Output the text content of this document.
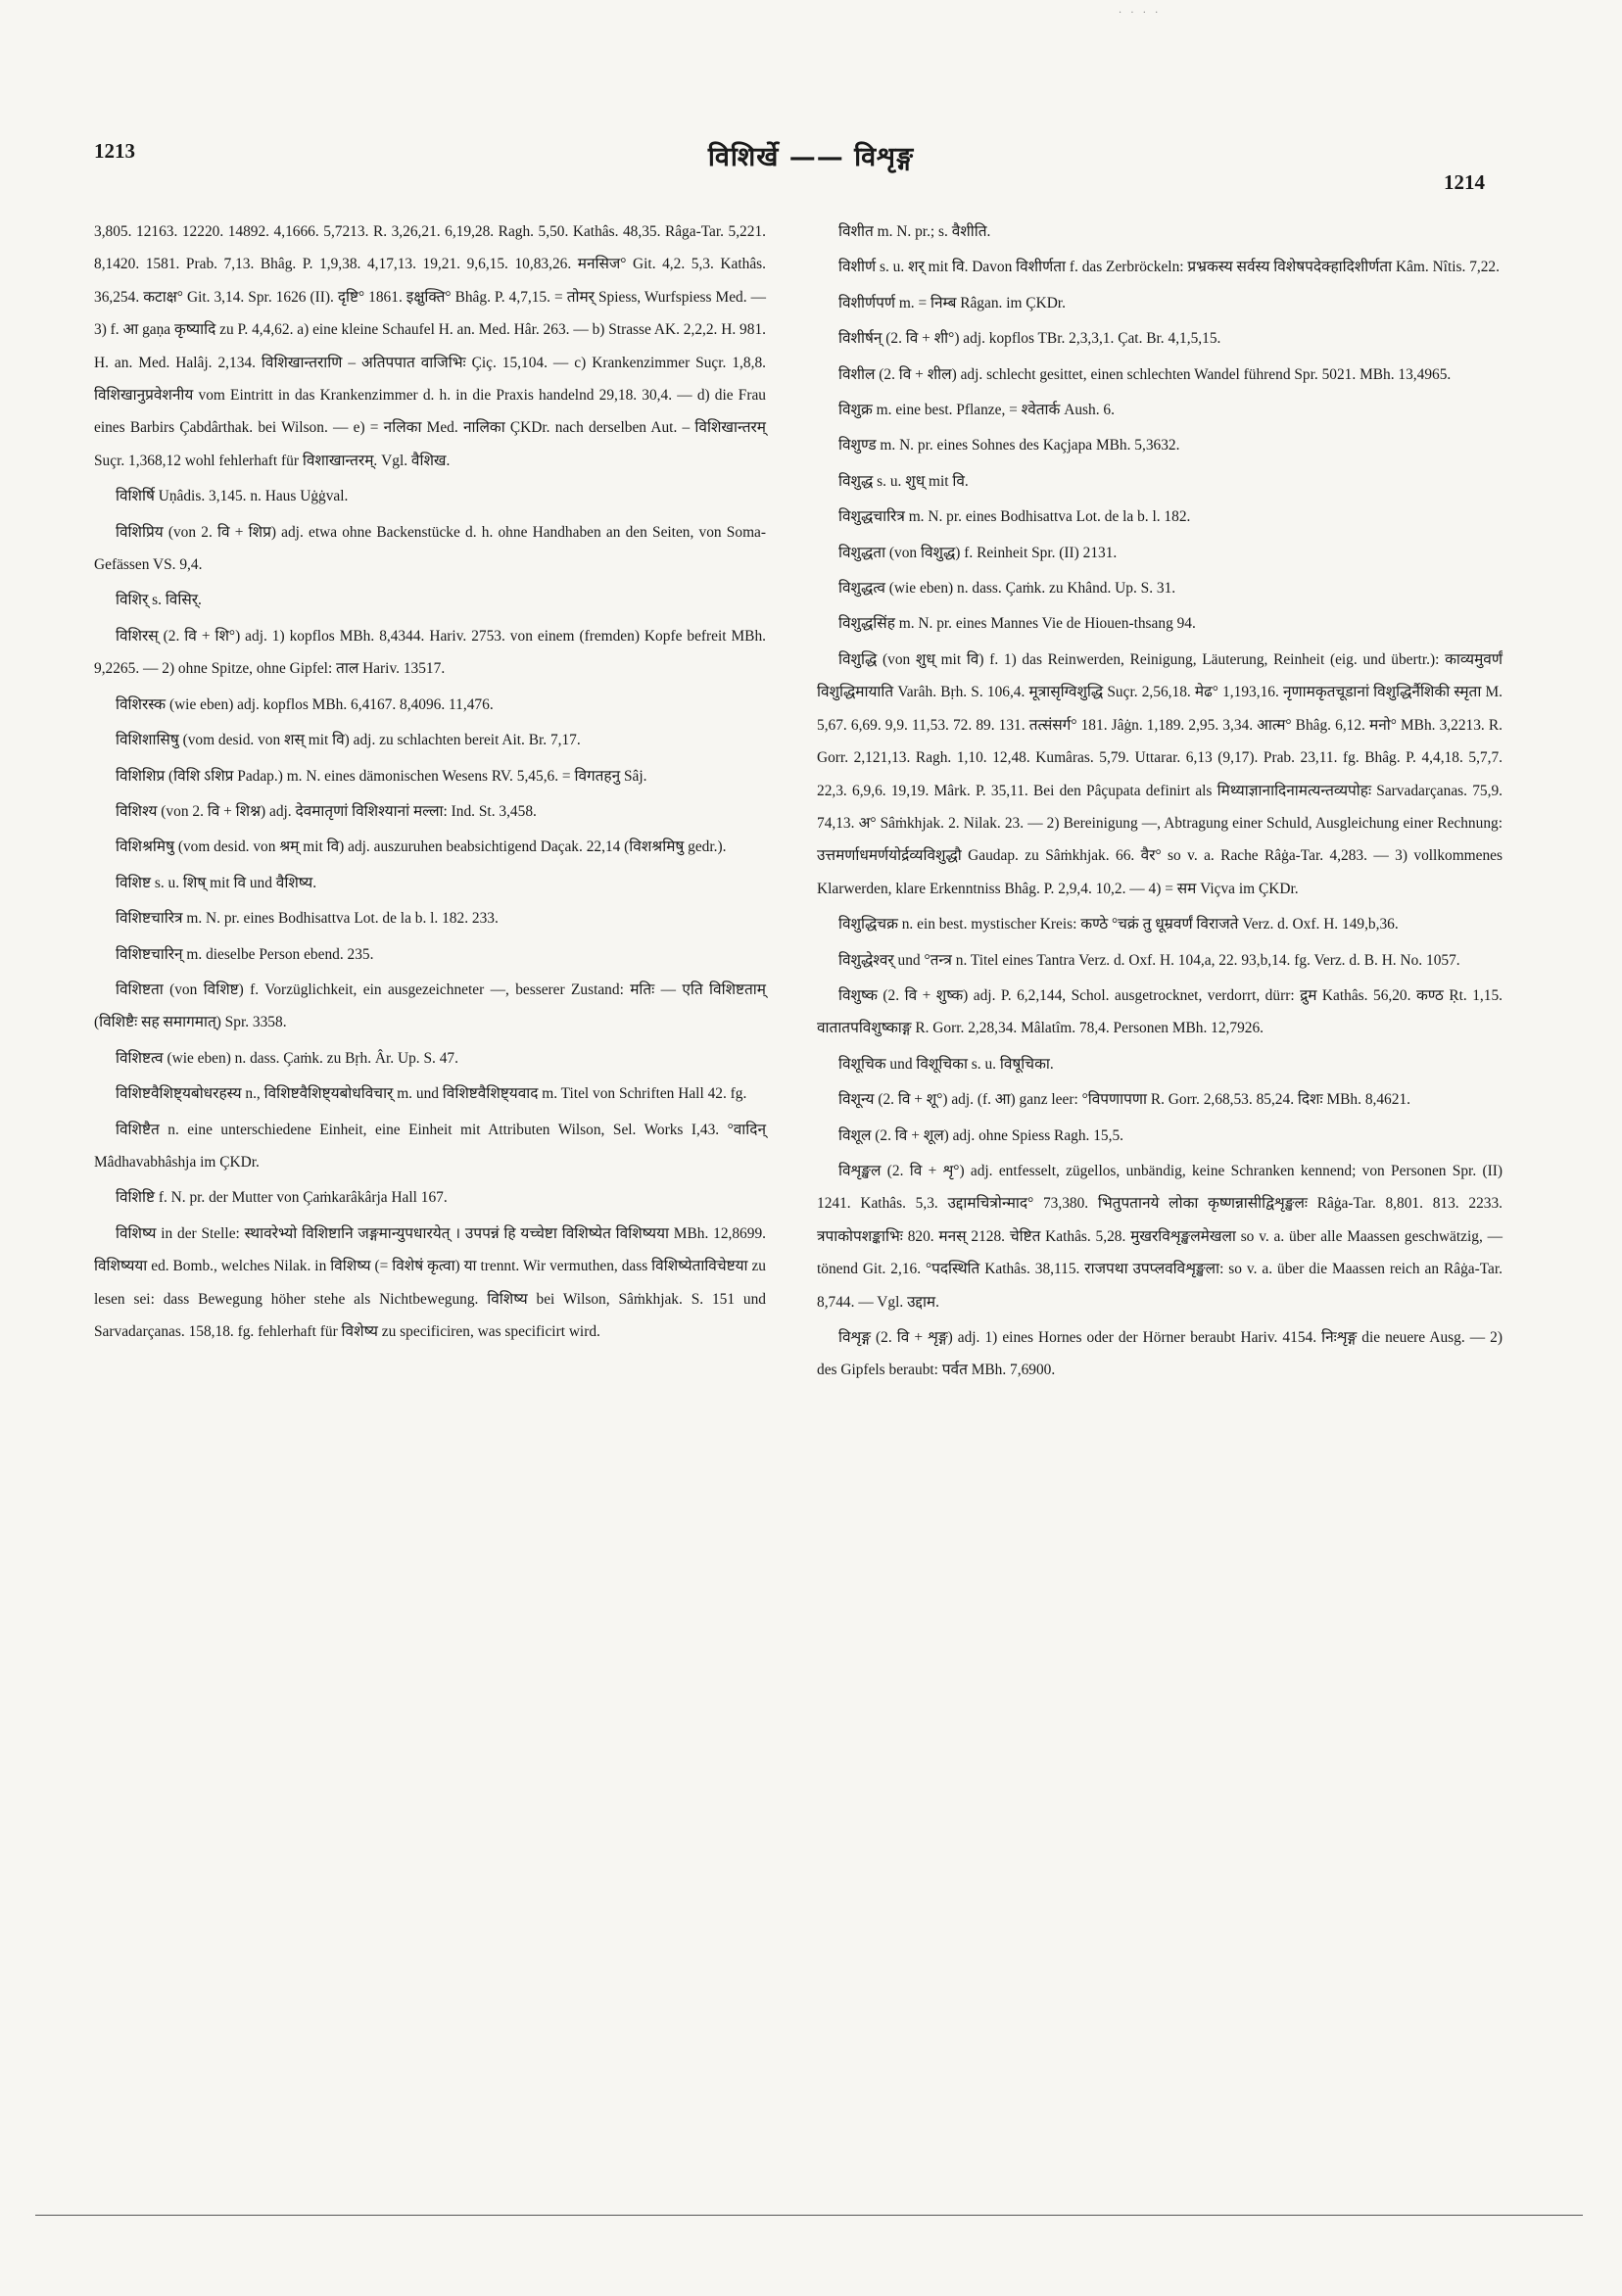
· · · ·
1213	विशिर्खे —— विशृङ्ग
1214

3,805. 12163. 12220. 14892. 4,1666. 5,7213. R. 3,26,21. 6,19,28. Ragh. 5,50. Kathâs. 48,35. Râga-Tar. 5,221. 8,1420. 1581. Prab. 7,13. Bhâg. P. 1,9,38. 4,17,13. 19,21. 9,6,15. 10,83,26. मनसिज° Git. 4,2. 5,3. Kathâs. 36,254. कटाक्ष° Git. 3,14. Spr. 1626 (II). दृष्टि° 1861. इक्षुक्ति° Bhâg. P. 4,7,15. = तोमर् Spiess, Wurfspiess Med. — 3) f. आ gaṇa कृष्यादि zu P. 4,4,62. a) eine kleine Schaufel H. an. Med. Hâr. 263. — b) Strasse AK. 2,2,2. H. 981. H. an. Med. Halâj. 2,134. विशिखान्तराणि – अतिपपात वाजिभिः Çiç. 15,104. — c) Krankenzimmer Suçr. 1,8,8. विशिखानुप्रवेशनीय vom Eintritt in das Krankenzimmer d. h. in die Praxis handelnd 29,18. 30,4. — d) die Frau eines Barbirs Çabdârthak. bei Wilson. — e) = नलिका Med. नालिका ÇKDr. nach derselben Aut. – विशिखान्तरम् Suçr. 1,368,12 wohl fehlerhaft für विशाखान्तरम्. Vgl. वैशिख.

विशिर्षि Uṇâdis. 3,145. n. Haus Uġġval.

विशिप्रिय (von 2. वि + शिप्र) adj. etwa ohne Backenstücke d. h. ohne Handhaben an den Seiten, von Soma-Gefässen VS. 9,4.

विशिर् s. विसिर्.

विशिरस् (2. वि + शि°) adj. 1) kopflos MBh. 8,4344. Hariv. 2753. von einem (fremden) Kopfe befreit MBh. 9,2265. — 2) ohne Spitze, ohne Gipfel: ताल Hariv. 13517.

विशिरस्क (wie eben) adj. kopflos MBh. 6,4167. 8,4096. 11,476.

विशिशासिषु (vom desid. von शस् mit वि) adj. zu schlachten bereit Ait. Br. 7,17.

विशिशिप्र (विशि ऽशिप्र Padap.) m. N. eines dämonischen Wesens RV. 5,45,6. = विगतहनु Sâj.

विशिश्य (von 2. वि + शिश्न) adj. देवमातृणां विशिश्यानां मल्ला: Ind. St. 3,458.

विशिश्रमिषु (vom desid. von श्रम् mit वि) adj. auszuruhen beabsichtigend Daçak. 22,14 (विशश्रमिषु gedr.).

विशिष्ट s. u. शिष् mit वि und वैशिष्य.

विशिष्टचारित्र m. N. pr. eines Bodhisattva Lot. de la b. l. 182. 233.

विशिष्टचारिन् m. dieselbe Person ebend. 235.

विशिष्टता (von विशिष्ट) f. Vorzüglichkeit, ein ausgezeichneter —, besserer Zustand: मतिः — एति विशिष्टताम् (विशिष्टैः सह समागमात्) Spr. 3358.

विशिष्टत्व (wie eben) n. dass. Çaṁk. zu Bṛh. Âr. Up. S. 47.

विशिष्टवैशिष्ट्यबोधरहस्य n., विशिष्टवैशिष्ट्यबोधविचार् m. und विशिष्टवैशिष्ट्यवाद m. Titel von Schriften Hall 42. fg.

विशिष्टैत n. eine unterschiedene Einheit, eine Einheit mit Attributen Wilson, Sel. Works I,43. °वादिन् Mâdhavabhâshja im ÇKDr.

विशिष्टि f. N. pr. der Mutter von Çaṁkarâkârja Hall 167.

विशिष्य in der Stelle: स्थावरेभ्यो विशिष्टानि जङ्गमान्युपधारयेत् । उपपन्नं हि यच्चेष्टा विशिष्येत विशिष्यया MBh. 12,8699. विशिष्यया ed. Bomb., welches Nilak. in विशिष्य (= विशेषं कृत्वा) या trennt. Wir vermuthen, dass विशिष्येताविचेष्टया zu lesen sei: dass Bewegung höher stehe als Nichtbewegung. विशिष्य bei Wilson, Sâṁkhjak. S. 151 und Sarvadarçanas. 158,18. fg. fehlerhaft für विशेष्य zu specificiren, was specificirt wird.

विशीत m. N. pr.; s. वैशीति.

विशीर्ण s. u. शर् mit वि. Davon विशीर्णता f. das Zerbröckeln: प्रभ्रकस्य सर्वस्य विशेषपदेक्हादिशीर्णता Kâm. Nîtis. 7,22.

विशीर्णपर्ण m. = निम्ब Râgan. im ÇKDr.

विशीर्षन् (2. वि + शी°) adj. kopflos TBr. 2,3,3,1. Çat. Br. 4,1,5,15.

विशील (2. वि + शील) adj. schlecht gesittet, einen schlechten Wandel führend Spr. 5021. MBh. 13,4965.

विशुक्र m. eine best. Pflanze, = श्वेतार्क Aush. 6.

विशुण्ड m. N. pr. eines Sohnes des Kaçjapa MBh. 5,3632.

विशुद्ध s. u. शुध् mit वि.

विशुद्धचारित्र m. N. pr. eines Bodhisattva Lot. de la b. l. 182.

विशुद्धता (von विशुद्ध) f. Reinheit Spr. (II) 2131.

विशुद्धत्व (wie eben) n. dass. Çaṁk. zu Khând. Up. S. 31.

विशुद्धसिंह m. N. pr. eines Mannes Vie de Hiouen-thsang 94.

विशुद्धि (von शुध् mit वि) f. 1) das Reinwerden, Reinigung, Läuterung, Reinheit (eig. und übertr.): काव्यमुवर्णं विशुद्धिमायाति Varâh. Bṛh. S. 106,4. मूत्रासृग्विशुद्धि Suçr. 2,56,18. मेढ° 1,193,16. नृणामकृतचूडानां विशुद्धिर्नैशिकी स्मृता M. 5,67. 6,69. 9,9. 11,53. 72. 89. 131. तत्संसर्ग° 181. Jâġn. 1,189. 2,95. 3,34. आत्म° Bhâg. 6,12. मनो° MBh. 3,2213. R. Gorr. 2,121,13. Ragh. 1,10. 12,48. Kumâras. 5,79. Uttarar. 6,13 (9,17). Prab. 23,11. fg. Bhâg. P. 4,4,18. 5,7,7. 22,3. 6,9,6. 19,19. Mârk. P. 35,11. Bei den Pâçupata definirt als मिथ्याज्ञानादिनामत्यन्तव्यपोहः Sarvadarçanas. 75,9. 74,13. अ° Sâṁkhjak. 2. Nilak. 23. — 2) Bereinigung —, Abtragung einer Schuld, Ausgleichung einer Rechnung: उत्तमर्णाधमर्णयोर्द्रव्यविशुद्धौ Gaudap. zu Sâṁkhjak. 66. वैर° so v. a. Rache Râġa-Tar. 4,283. — 3) vollkommenes Klarwerden, klare Erkenntniss Bhâg. P. 2,9,4. 10,2. — 4) = सम Viçva im ÇKDr.

विशुद्धिचक्र n. ein best. mystischer Kreis: कण्ठे °चक्रं तु धूम्रवर्णं विराजते Verz. d. Oxf. H. 149,b,36.

विशुद्धेश्वर् und °तन्त्र n. Titel eines Tantra Verz. d. Oxf. H. 104,a, 22. 93,b,14. fg. Verz. d. B. H. No. 1057.

विशुष्क (2. वि + शुष्क) adj. P. 6,2,144, Schol. ausgetrocknet, verdorrt, dürr: द्रुम Kathâs. 56,20. कण्ठ Ṛt. 1,15. वातातपविशुष्काङ्ग R. Gorr. 2,28,34. Mâlatîm. 78,4. Personen MBh. 12,7926.

विशूचिक und विशूचिका s. u. विषूचिका.

विशून्य (2. वि + शू°) adj. (f. आ) ganz leer: °विपणापणा R. Gorr. 2,68,53. 85,24. दिशः MBh. 8,4621.

विशूल (2. वि + शूल) adj. ohne Spiess Ragh. 15,5.

विशृङ्खल (2. वि + शृ°) adj. entfesselt, zügellos, unbändig, keine Schranken kennend; von Personen Spr. (II) 1241. Kathâs. 5,3. उद्दामचित्रोन्माद° 73,380. भितुपतानये लोका कृष्णन्नासीद्विशृङ्खलः Râġa-Tar. 8,801. 813. 2233. त्रपाकोपशङ्काभिः 820. मनस् 2128. चेष्टित Kathâs. 5,28. मुखरविशृङ्खलमेखला so v. a. über alle Maassen geschwätzig, — tönend Git. 2,16. °पदस्थिति Kathâs. 38,115. राजपथा उपप्लवविशृङ्खला: so v. a. über die Maassen reich an Râġa-Tar. 8,744. — Vgl. उद्दाम.

विशृङ्ग (2. वि + शृङ्ग) adj. 1) eines Hornes oder der Hörner beraubt Hariv. 4154. निःशृङ्ग die neuere Ausg. — 2) des Gipfels beraubt: पर्वत MBh. 7,6900.
